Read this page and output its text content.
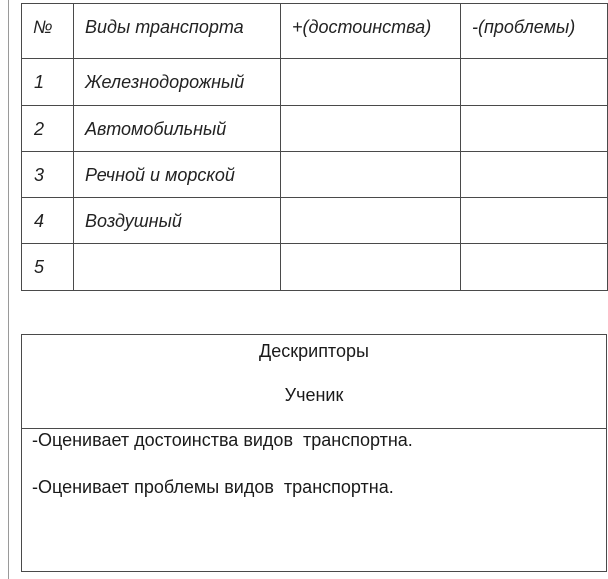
№	Виды транспорта	+(достоинства)	-(проблемы)
1	Железнодорожный		
2	Автомобильный		
3	Речной и морской		
4	Воздушный		
5			
Дескрипторы
Ученик
-Оценивает достоинства видов  транспортна.
-Оценивает проблемы видов  транспортна.
